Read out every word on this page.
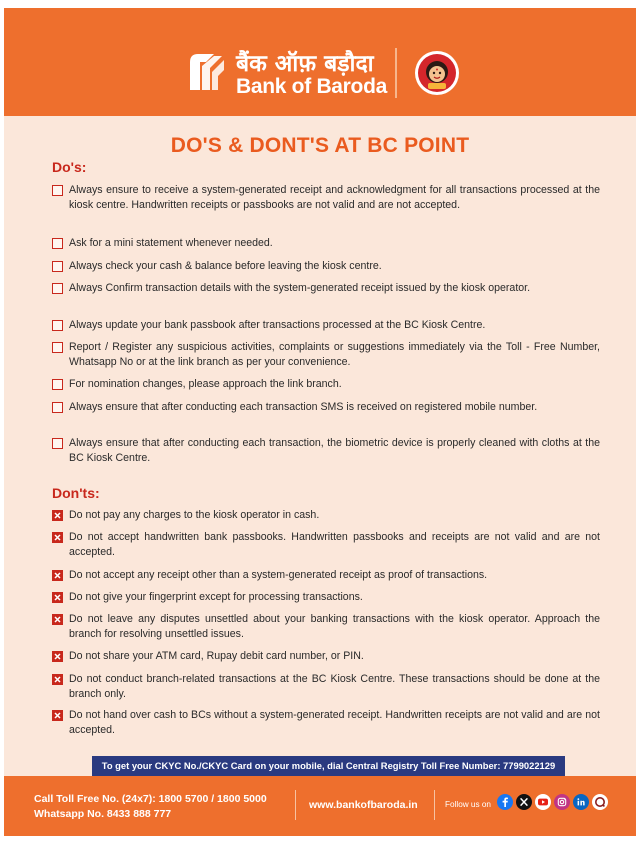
बैंक ऑफ़ बड़ौदा
Bank of Baroda
DO'S & DONT'S AT BC POINT
Do's:
Always ensure to receive a system-generated receipt and acknowledgment for all transactions processed at the kiosk centre. Handwritten receipts or passbooks are not valid and are not accepted.
Ask for a mini statement whenever needed.
Always check your cash & balance before leaving the kiosk centre.
Always Confirm transaction details with the system-generated receipt issued by the kiosk operator.
Always update your bank passbook after transactions processed at the BC Kiosk Centre.
Report / Register any suspicious activities, complaints or suggestions immediately via the Toll - Free Number, Whatsapp No or at the link branch as per your convenience.
For nomination changes, please approach the link branch.
Always ensure that after conducting each transaction SMS is received on registered mobile number.
Always ensure that after conducting each transaction, the biometric device is properly cleaned with cloths at the BC Kiosk Centre.
Don'ts:
Do not pay any charges to the kiosk operator in cash.
Do not accept handwritten bank passbooks. Handwritten passbooks and receipts are not valid and are not accepted.
Do not accept any receipt other than a system-generated receipt as proof of transactions.
Do not give your fingerprint except for processing transactions.
Do not leave any disputes unsettled about your banking transactions with the kiosk operator. Approach the branch for resolving unsettled issues.
Do not share your ATM card, Rupay debit card number, or PIN.
Do not conduct branch-related transactions at the BC Kiosk Centre. These transactions should be done at the branch only.
Do not hand over cash to BCs without a system-generated receipt. Handwritten receipts are not valid and are not accepted.
To get your CKYC No./CKYC Card on your mobile, dial Central Registry Toll Free Number: 7799022129
Call Toll Free No. (24x7): 1800 5700 / 1800 5000
Whatsapp No. 8433 888 777
www.bankofbaroda.in	Follow us on
